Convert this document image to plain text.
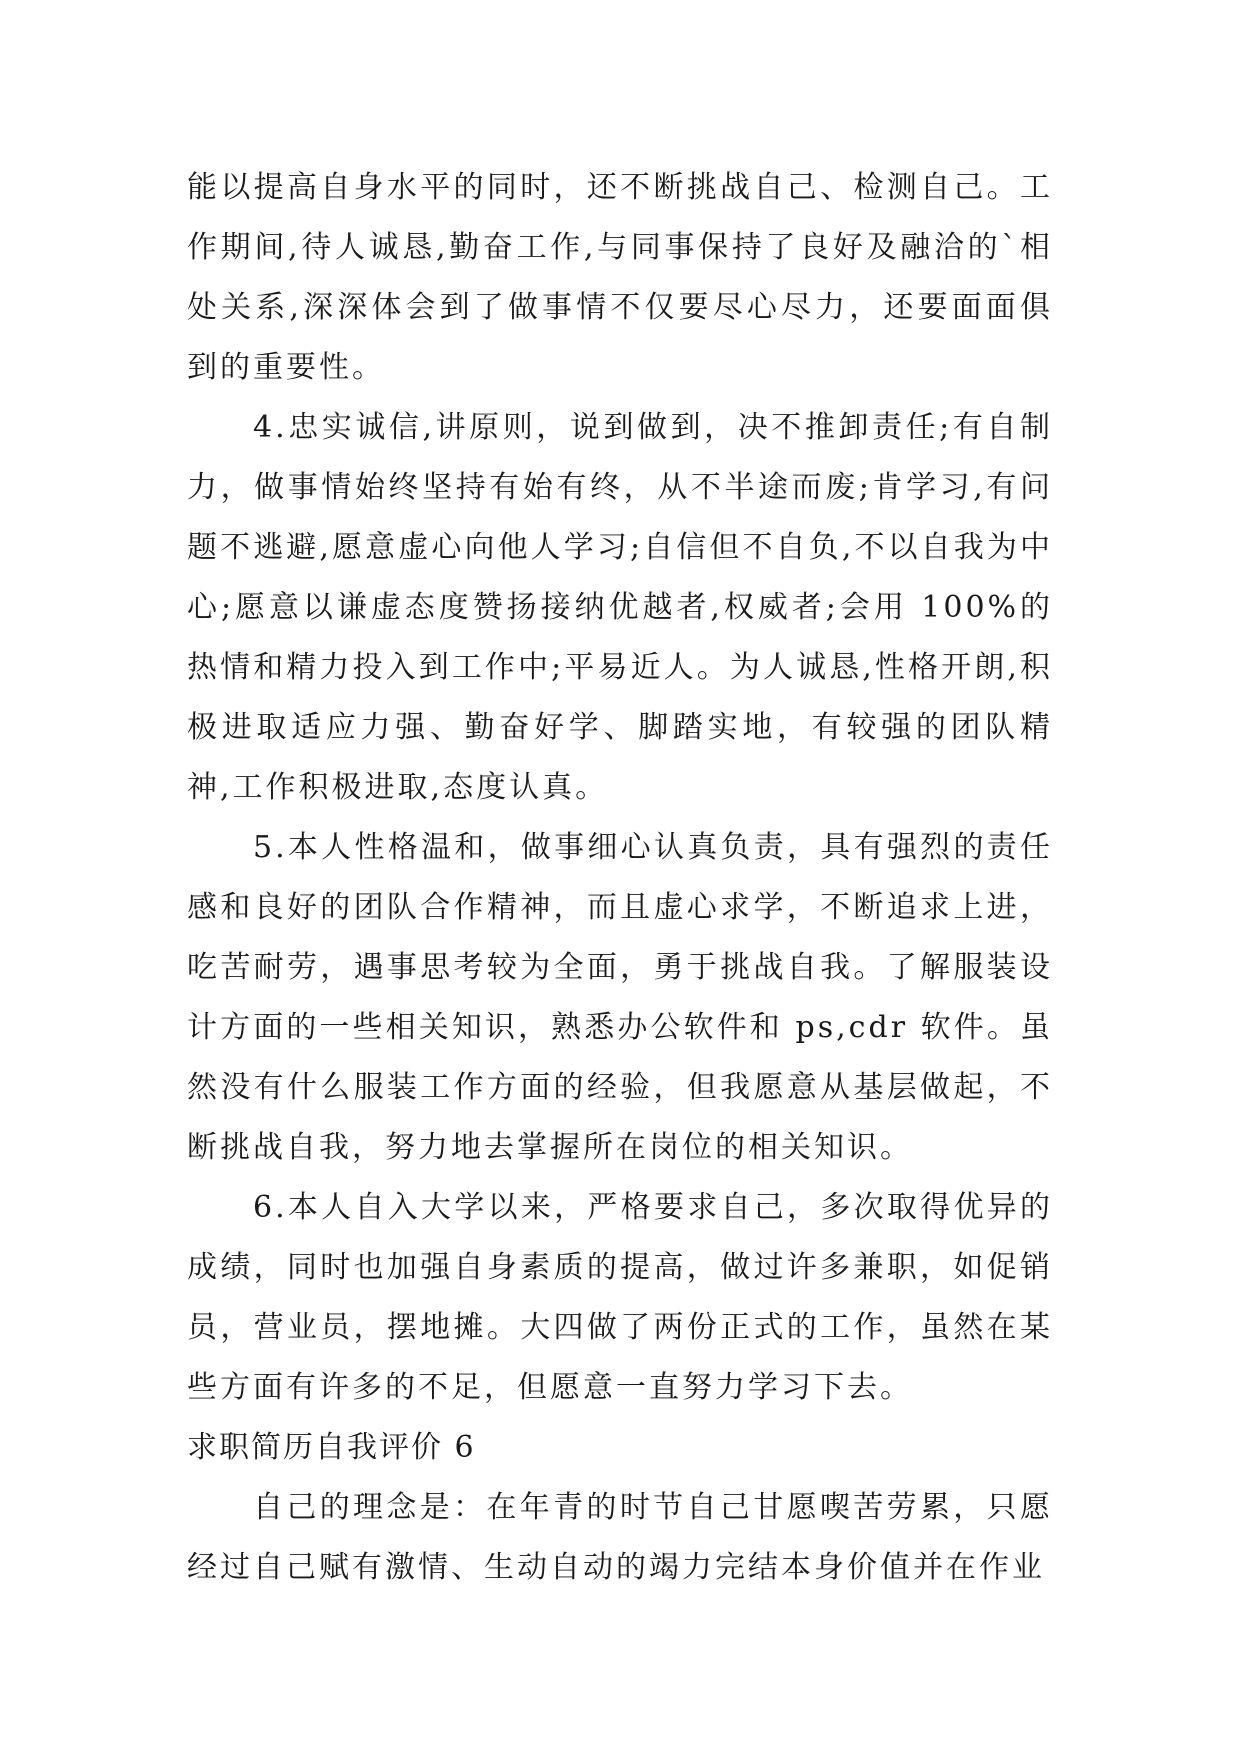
能以提高自身水平的同时，还不断挑战自己、检测自己。工作期间,待人诚恳,勤奋工作,与同事保持了良好及融洽的`相处关系,深深体会到了做事情不仅要尽心尽力，还要面面俱到的重要性。

4.忠实诚信,讲原则，说到做到，决不推卸责任;有自制力，做事情始终坚持有始有终，从不半途而废;肯学习,有问题不逃避,愿意虚心向他人学习;自信但不自负,不以自我为中心;愿意以谦虚态度赞扬接纳优越者,权威者;会用 100%的热情和精力投入到工作中;平易近人。为人诚恳,性格开朗,积极进取适应力强、勤奋好学、脚踏实地，有较强的团队精神,工作积极进取,态度认真。

5.本人性格温和，做事细心认真负责，具有强烈的责任感和良好的团队合作精神，而且虚心求学，不断追求上进，吃苦耐劳，遇事思考较为全面，勇于挑战自我。了解服装设计方面的一些相关知识，熟悉办公软件和 ps,cdr 软件。虽然没有什么服装工作方面的经验，但我愿意从基层做起，不断挑战自我，努力地去掌握所在岗位的相关知识。

6.本人自入大学以来，严格要求自己，多次取得优异的成绩，同时也加强自身素质的提高，做过许多兼职，如促销员，营业员，摆地摊。大四做了两份正式的工作，虽然在某些方面有许多的不足，但愿意一直努力学习下去。

求职简历自我评价 6

自己的理念是：在年青的时节自己甘愿喫苦劳累，只愿经过自己赋有激情、生动自动的竭力完结本身价值并在作业
